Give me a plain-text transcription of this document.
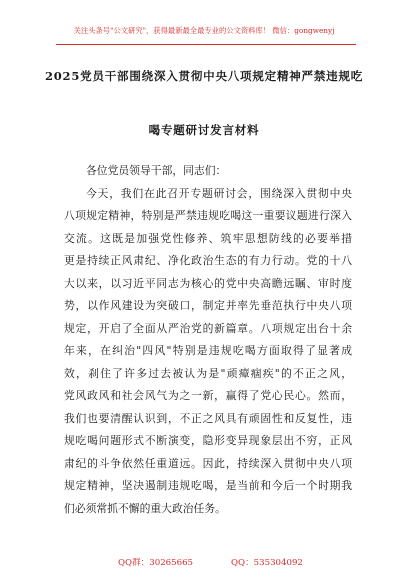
关注头条号"公文研究"，获得最新最全最专业的公文资料库！ 微信：gongwenyj
2025党员干部围绕深入贯彻中央八项规定精神严禁违规吃
喝专题研讨发言材料
各位党员领导干部，同志们：
今天，我们在此召开专题研讨会，围绕深入贯彻中央
八项规定精神，特别是严禁违规吃喝这一重要议题进行深入
交流。这既是加强党性修养、筑牢思想防线的必要举措
更是持续正风肃纪、净化政治生态的有力行动。党的十八
大以来，以习近平同志为核心的党中央高瞻远瞩、审时度
势，以作风建设为突破口，制定并率先垂范执行中央八项
规定，开启了全面从严治党的新篇章。八项规定出台十余
年来，在纠治"四风"特别是违规吃喝方面取得了显著成
效，刹住了许多过去被认为是"顽瘴痼疾"的不正之风，
党风政风和社会风气为之一新，赢得了党心民心。然而，
我们也要清醒认识到，不正之风具有顽固性和反复性，违
规吃喝问题形式不断演变，隐形变异现象层出不穷，正风
肃纪的斗争依然任重道远。因此，持续深入贯彻中央八项
规定精神，坚决遏制违规吃喝，是当前和今后一个时期我
们必须常抓不懈的重大政治任务。
QQ群：30265665	QQ：535304092
